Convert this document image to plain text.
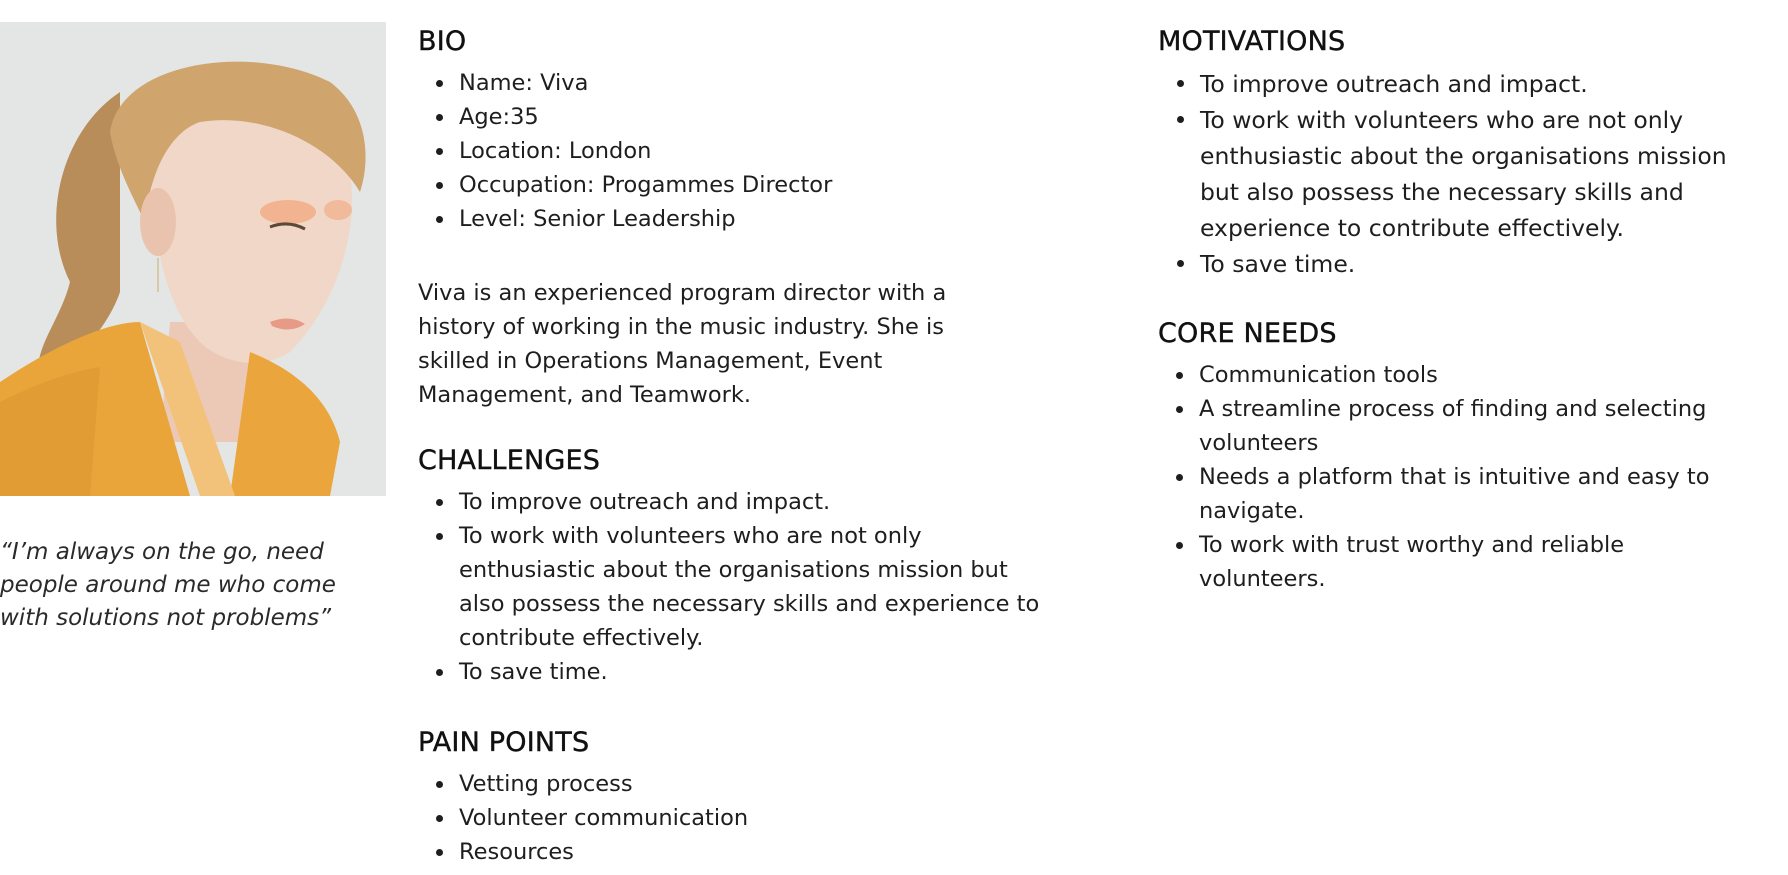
“I’m always on the go, need
people around me who come
with solutions not problems”

BIO
Name: Viva
Age:35
Location: London
Occupation: Progammes Director
Level: Senior Leadership

Viva is an experienced program director with a
history of working in the music industry. She is
skilled in Operations Management, Event
Management, and Teamwork.

CHALLENGES
To improve outreach and impact.
To work with volunteers who are not only enthusiastic about the organisations mission but also possess the necessary skills and experience to contribute effectively.
To save time.
PAIN POINTS
Vetting process
Volunteer communication
Resources
MOTIVATIONS
To improve outreach and impact.
To work with volunteers who are not only enthusiastic about the organisations mission but also possess the necessary skills and experience to contribute effectively.
To save time.
CORE NEEDS
Communication tools
A streamline process of finding and selecting volunteers
Needs a platform that is intuitive and easy to navigate.
To work with trust worthy and reliable volunteers.
